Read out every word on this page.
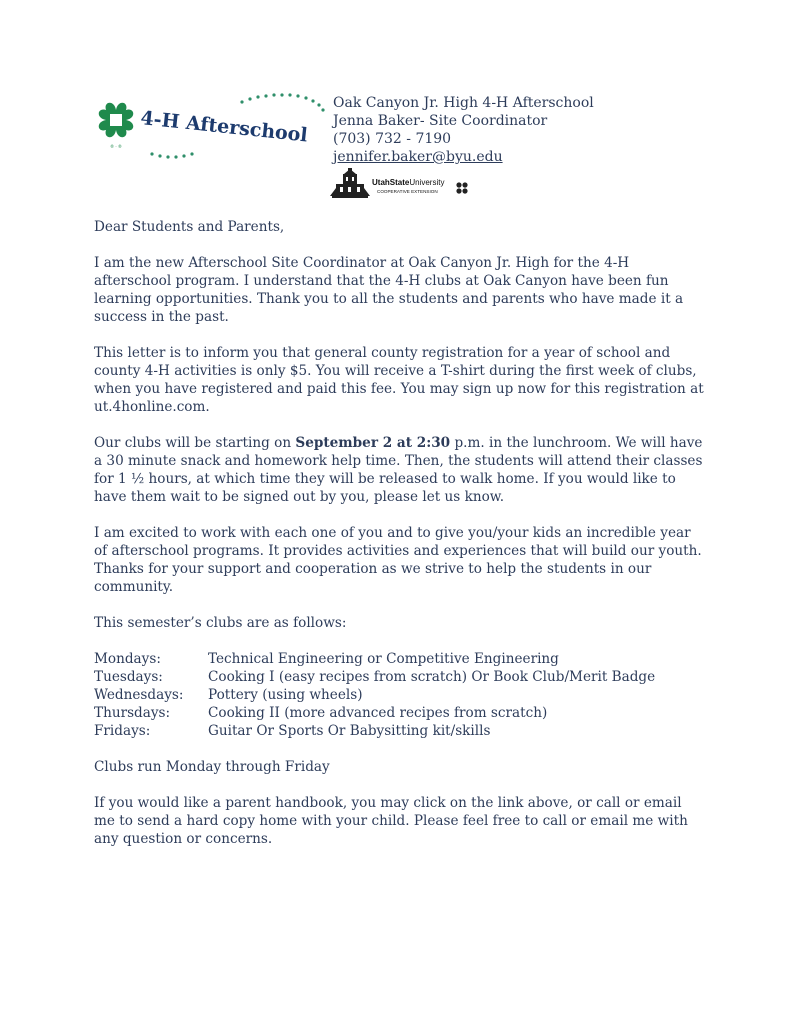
H
® · ® 4-H Afterschool
Oak Canyon Jr. High 4-H Afterschool
Jenna Baker- Site Coordinator
(703) 732 - 7190
jennifer.baker@byu.edu
UtahStateUniversity
COOPERATIVE EXTENSION

Dear Students and Parents,

I am the new Afterschool Site Coordinator at Oak Canyon Jr. High for the 4-H afterschool program. I understand that the 4-H clubs at Oak Canyon have been fun learning opportunities. Thank you to all the students and parents who have made it a success in the past.

This letter is to inform you that general county registration for a year of school and county 4-H activities is only $5. You will receive a T-shirt during the first week of clubs, when you have registered and paid this fee. You may sign up now for this registration at ut.4honline.com.

Our clubs will be starting on September 2 at 2:30 p.m. in the lunchroom. We will have a 30 minute snack and homework help time. Then, the students will attend their classes for 1 ½ hours, at which time they will be released to walk home. If you would like to have them wait to be signed out by you, please let us know.

I am excited to work with each one of you and to give you/your kids an incredible year of afterschool programs. It provides activities and experiences that will build our youth. Thanks for your support and cooperation as we strive to help the students in our community.

This semester’s clubs are as follows:

Mondays:	Technical Engineering or Competitive Engineering
Tuesdays:	Cooking I (easy recipes from scratch) Or Book Club/Merit Badge
Wednesdays:	Pottery (using wheels)
Thursdays:	Cooking II (more advanced recipes from scratch)
Fridays:	Guitar Or Sports Or Babysitting kit/skills

Clubs run Monday through Friday

If you would like a parent handbook, you may click on the link above, or call or email me to send a hard copy home with your child. Please feel free to call or email me with any question or concerns.
